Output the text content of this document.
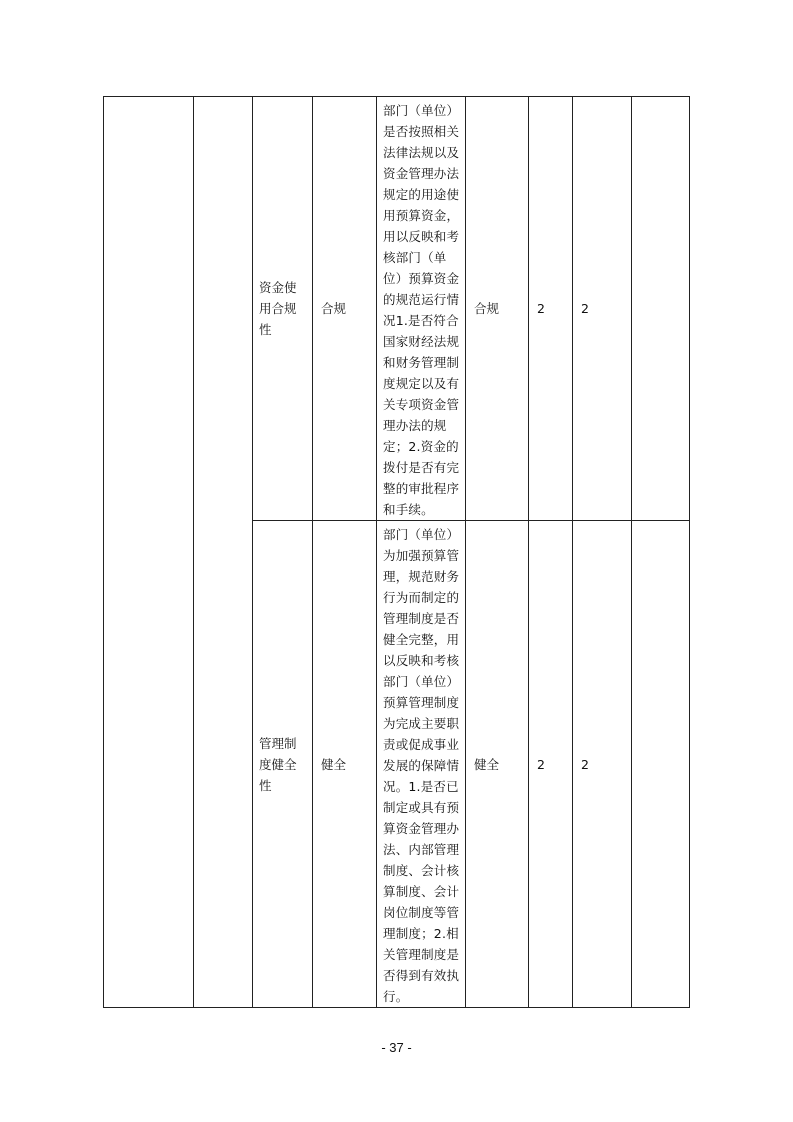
		资金使用合规性	合规	部门（单位）是否按照相关法律法规以及资金管理办法规定的用途使用预算资金，用以反映和考核部门（单位）预算资金的规范运行情况1.是否符合国家财经法规和财务管理制度规定以及有关专项资金管理办法的规定；2.资金的拨付是否有完整的审批程序和手续。	合规	2	2	

		管理制度健全性	健全	部门（单位）为加强预算管理，规范财务行为而制定的管理制度是否健全完整，用以反映和考核部门（单位）预算管理制度为完成主要职责或促成事业发展的保障情况。1.是否已制定或具有预算资金管理办法、内部管理制度、会计核算制度、会计岗位制度等管理制度；2.相关管理制度是否得到有效执行。	健全	2	2	
- 37 -
